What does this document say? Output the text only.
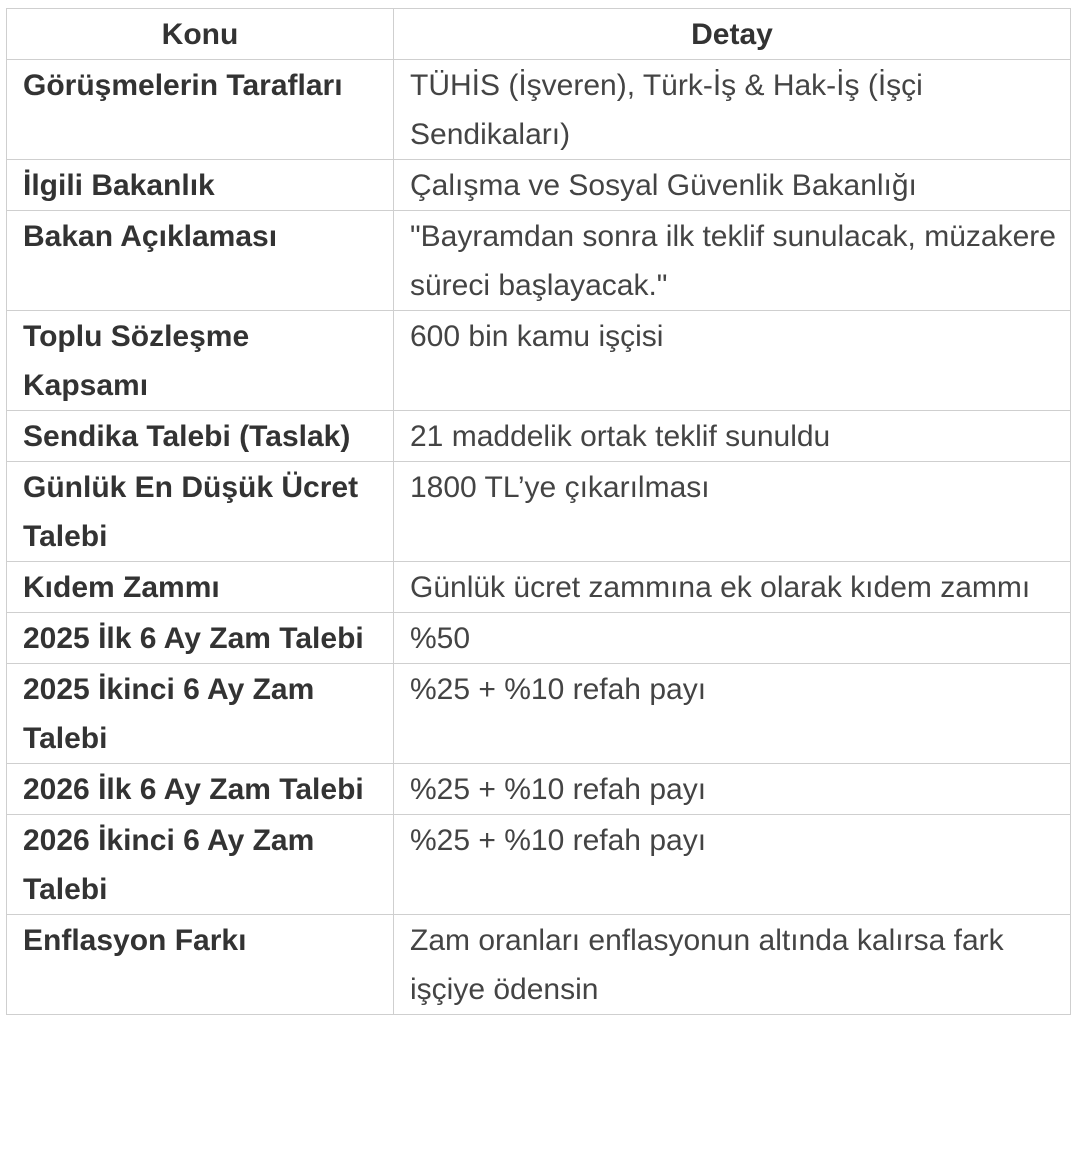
Konu	Detay
Görüşmelerin Tarafları	TÜHİS (İşveren), Türk-İş & Hak-İş (İşçi Sendikaları)
İlgili Bakanlık	Çalışma ve Sosyal Güvenlik Bakanlığı
Bakan Açıklaması	"Bayramdan sonra ilk teklif sunulacak, müzakere süreci başlayacak."
Toplu Sözleşme Kapsamı	600 bin kamu işçisi
Sendika Talebi (Taslak)	21 maddelik ortak teklif sunuldu
Günlük En Düşük Ücret Talebi	1800 TL’ye çıkarılması
Kıdem Zammı	Günlük ücret zammına ek olarak kıdem zammı
2025 İlk 6 Ay Zam Talebi	%50
2025 İkinci 6 Ay Zam Talebi	%25 + %10 refah payı
2026 İlk 6 Ay Zam Talebi	%25 + %10 refah payı
2026 İkinci 6 Ay Zam Talebi	%25 + %10 refah payı
Enflasyon Farkı	Zam oranları enflasyonun altında kalırsa fark işçiye ödensin
